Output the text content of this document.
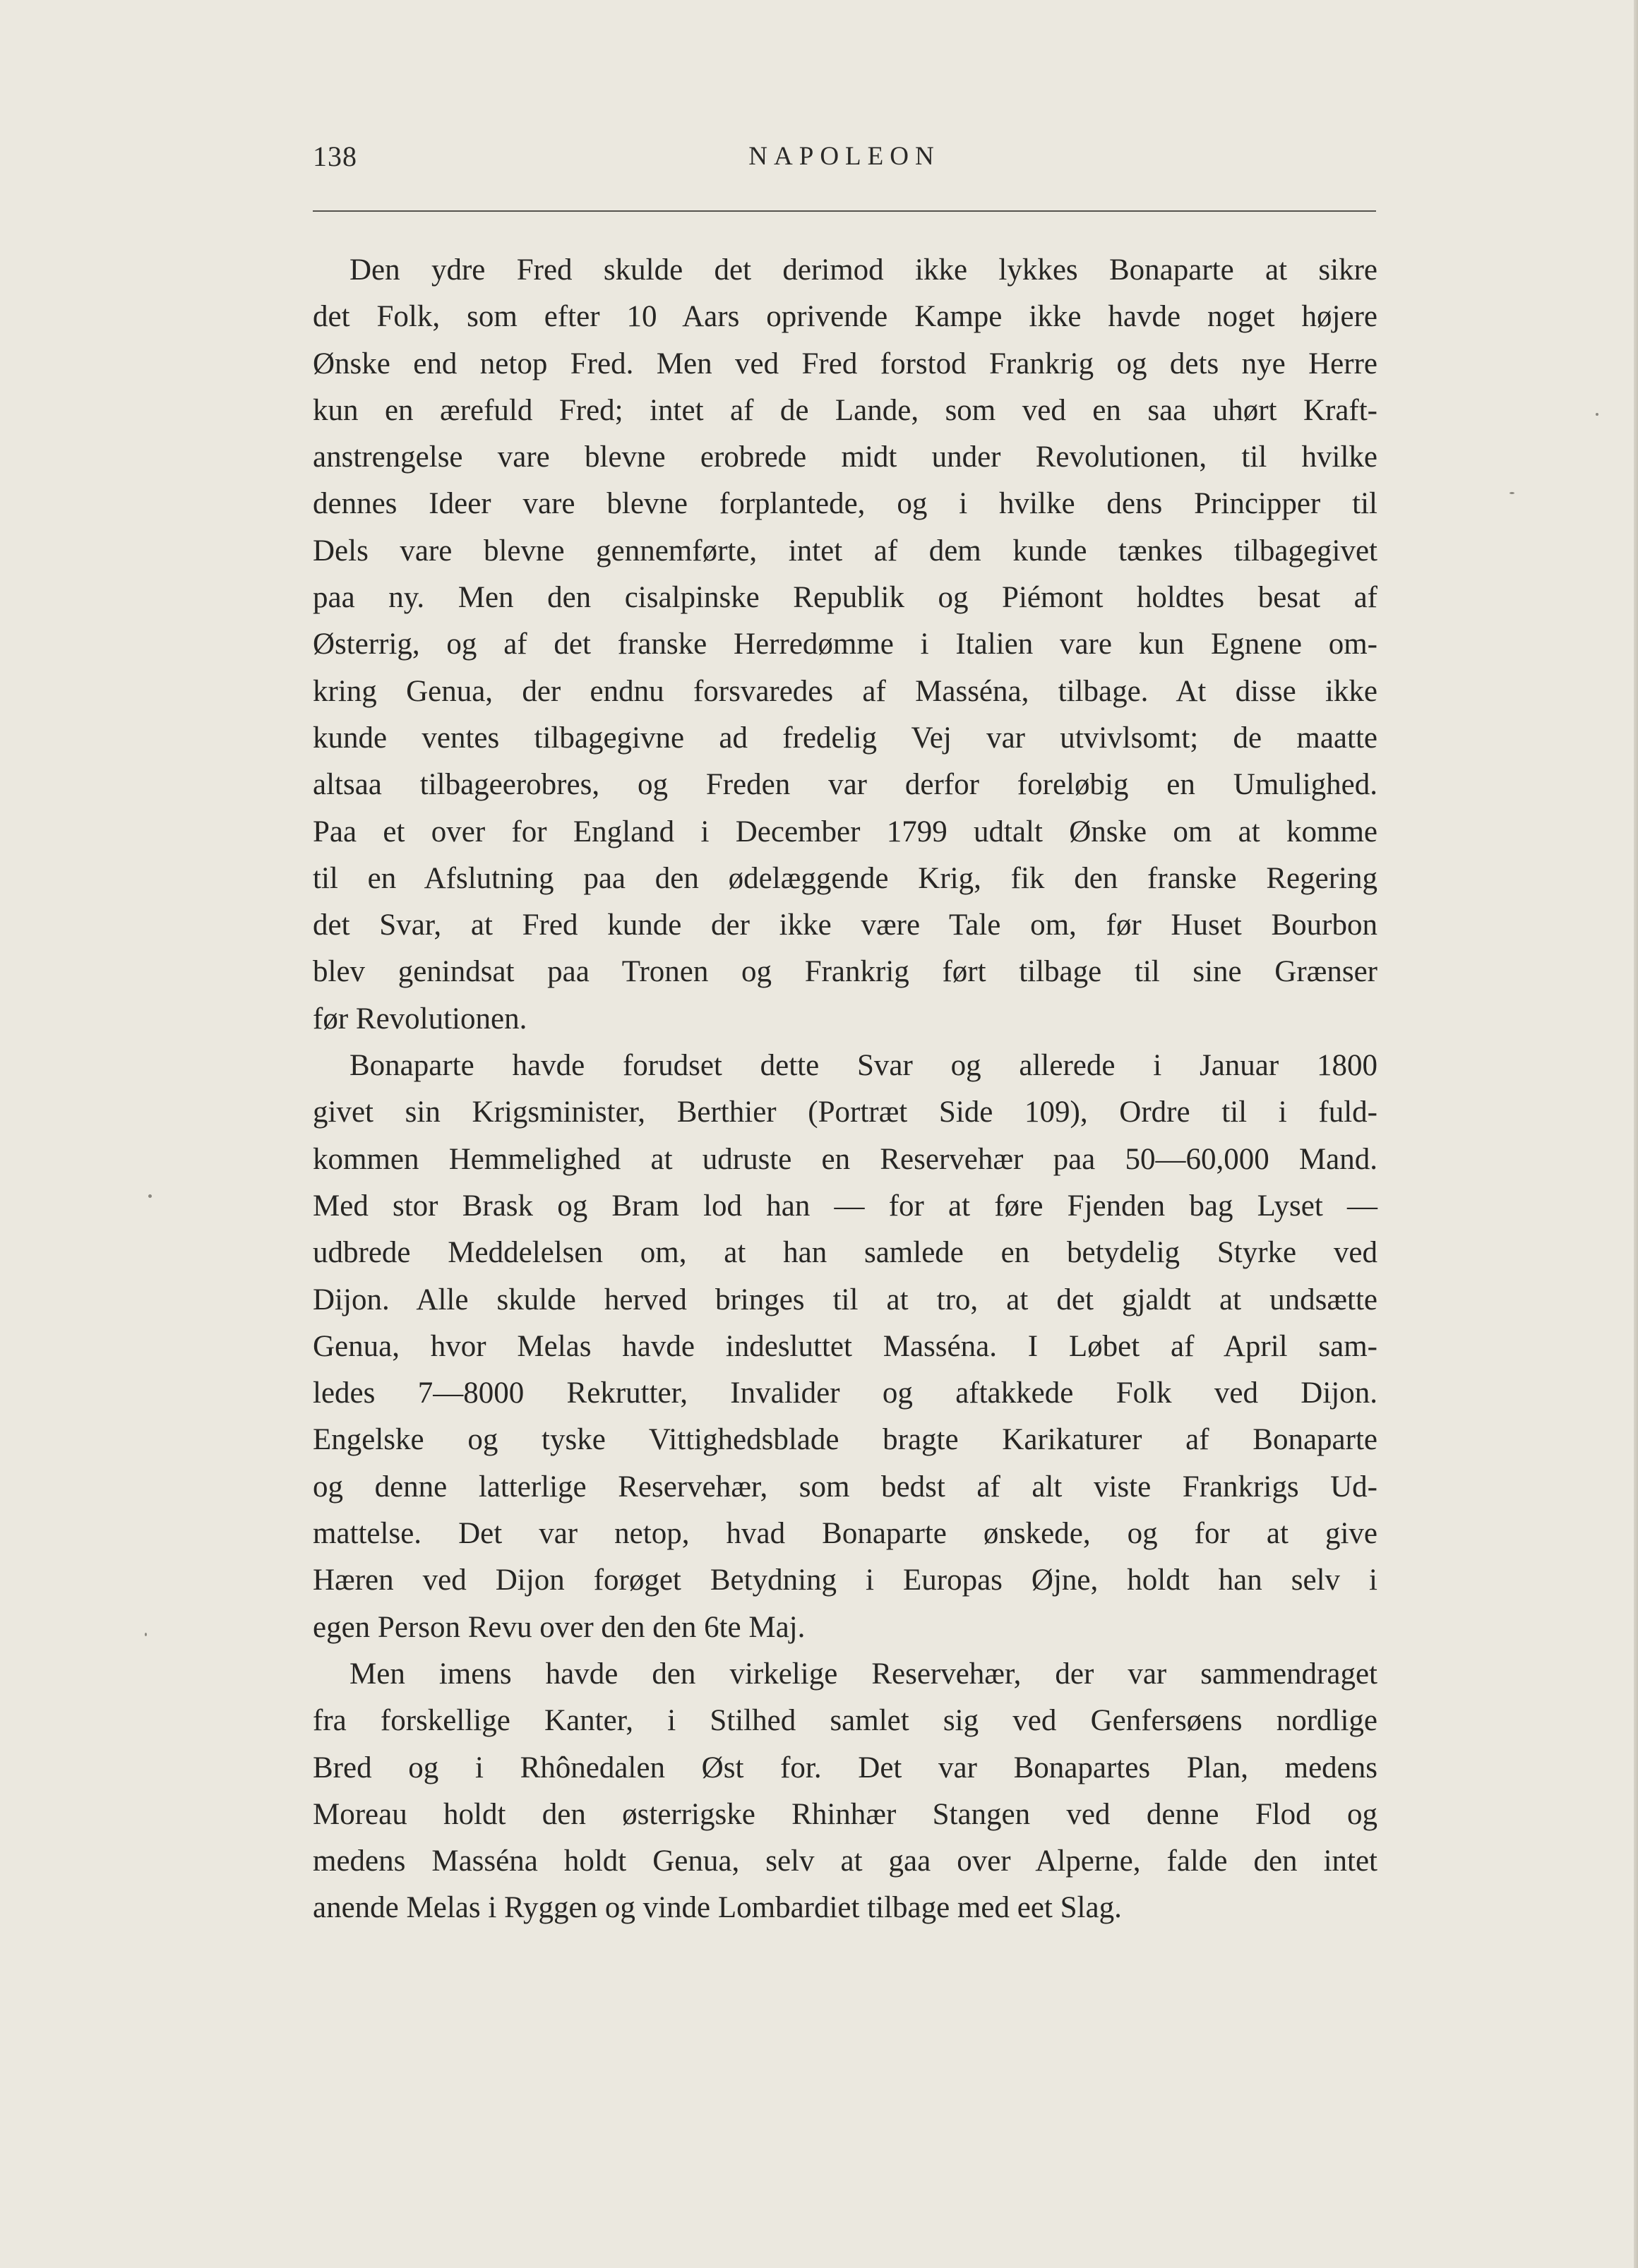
138	NAPOLEON
Den ydre Fred skulde det derimod ikke lykkes Bonaparte at sikre
det Folk, som efter 10 Aars oprivende Kampe ikke havde noget højere
Ønske end netop Fred. Men ved Fred forstod Frankrig og dets nye Herre
kun en ærefuld Fred; intet af de Lande, som ved en saa uhørt Kraft-
anstrengelse vare blevne erobrede midt under Revolutionen, til hvilke
dennes Ideer vare blevne forplantede, og i hvilke dens Principper til
Dels vare blevne gennemførte, intet af dem kunde tænkes tilbagegivet
paa ny. Men den cisalpinske Republik og Piémont holdtes besat af
Østerrig, og af det franske Herredømme i Italien vare kun Egnene om-
kring Genua, der endnu forsvaredes af Masséna, tilbage. At disse ikke
kunde ventes tilbagegivne ad fredelig Vej var utvivlsomt; de maatte
altsaa tilbageerobres, og Freden var derfor foreløbig en Umulighed.
Paa et over for England i December 1799 udtalt Ønske om at komme
til en Afslutning paa den ødelæggende Krig, fik den franske Regering
det Svar, at Fred kunde der ikke være Tale om, før Huset Bourbon
blev genindsat paa Tronen og Frankrig ført tilbage til sine Grænser
før Revolutionen.
Bonaparte havde forudset dette Svar og allerede i Januar 1800
givet sin Krigsminister, Berthier (Portræt Side 109), Ordre til i fuld-
kommen Hemmelighed at udruste en Reservehær paa 50—60,000 Mand.
Med stor Brask og Bram lod han — for at føre Fjenden bag Lyset —
udbrede Meddelelsen om, at han samlede en betydelig Styrke ved
Dijon. Alle skulde herved bringes til at tro, at det gjaldt at undsætte
Genua, hvor Melas havde indesluttet Masséna. I Løbet af April sam-
ledes 7—8000 Rekrutter, Invalider og aftakkede Folk ved Dijon.
Engelske og tyske Vittighedsblade bragte Karikaturer af Bonaparte
og denne latterlige Reservehær, som bedst af alt viste Frankrigs Ud-
mattelse. Det var netop, hvad Bonaparte ønskede, og for at give
Hæren ved Dijon forøget Betydning i Europas Øjne, holdt han selv i
egen Person Revu over den den 6te Maj.
Men imens havde den virkelige Reservehær, der var sammendraget
fra forskellige Kanter, i Stilhed samlet sig ved Genfersøens nordlige
Bred og i Rhônedalen Øst for. Det var Bonapartes Plan, medens
Moreau holdt den østerrigske Rhinhær Stangen ved denne Flod og
medens Masséna holdt Genua, selv at gaa over Alperne, falde den intet
anende Melas i Ryggen og vinde Lombardiet tilbage med eet Slag.
